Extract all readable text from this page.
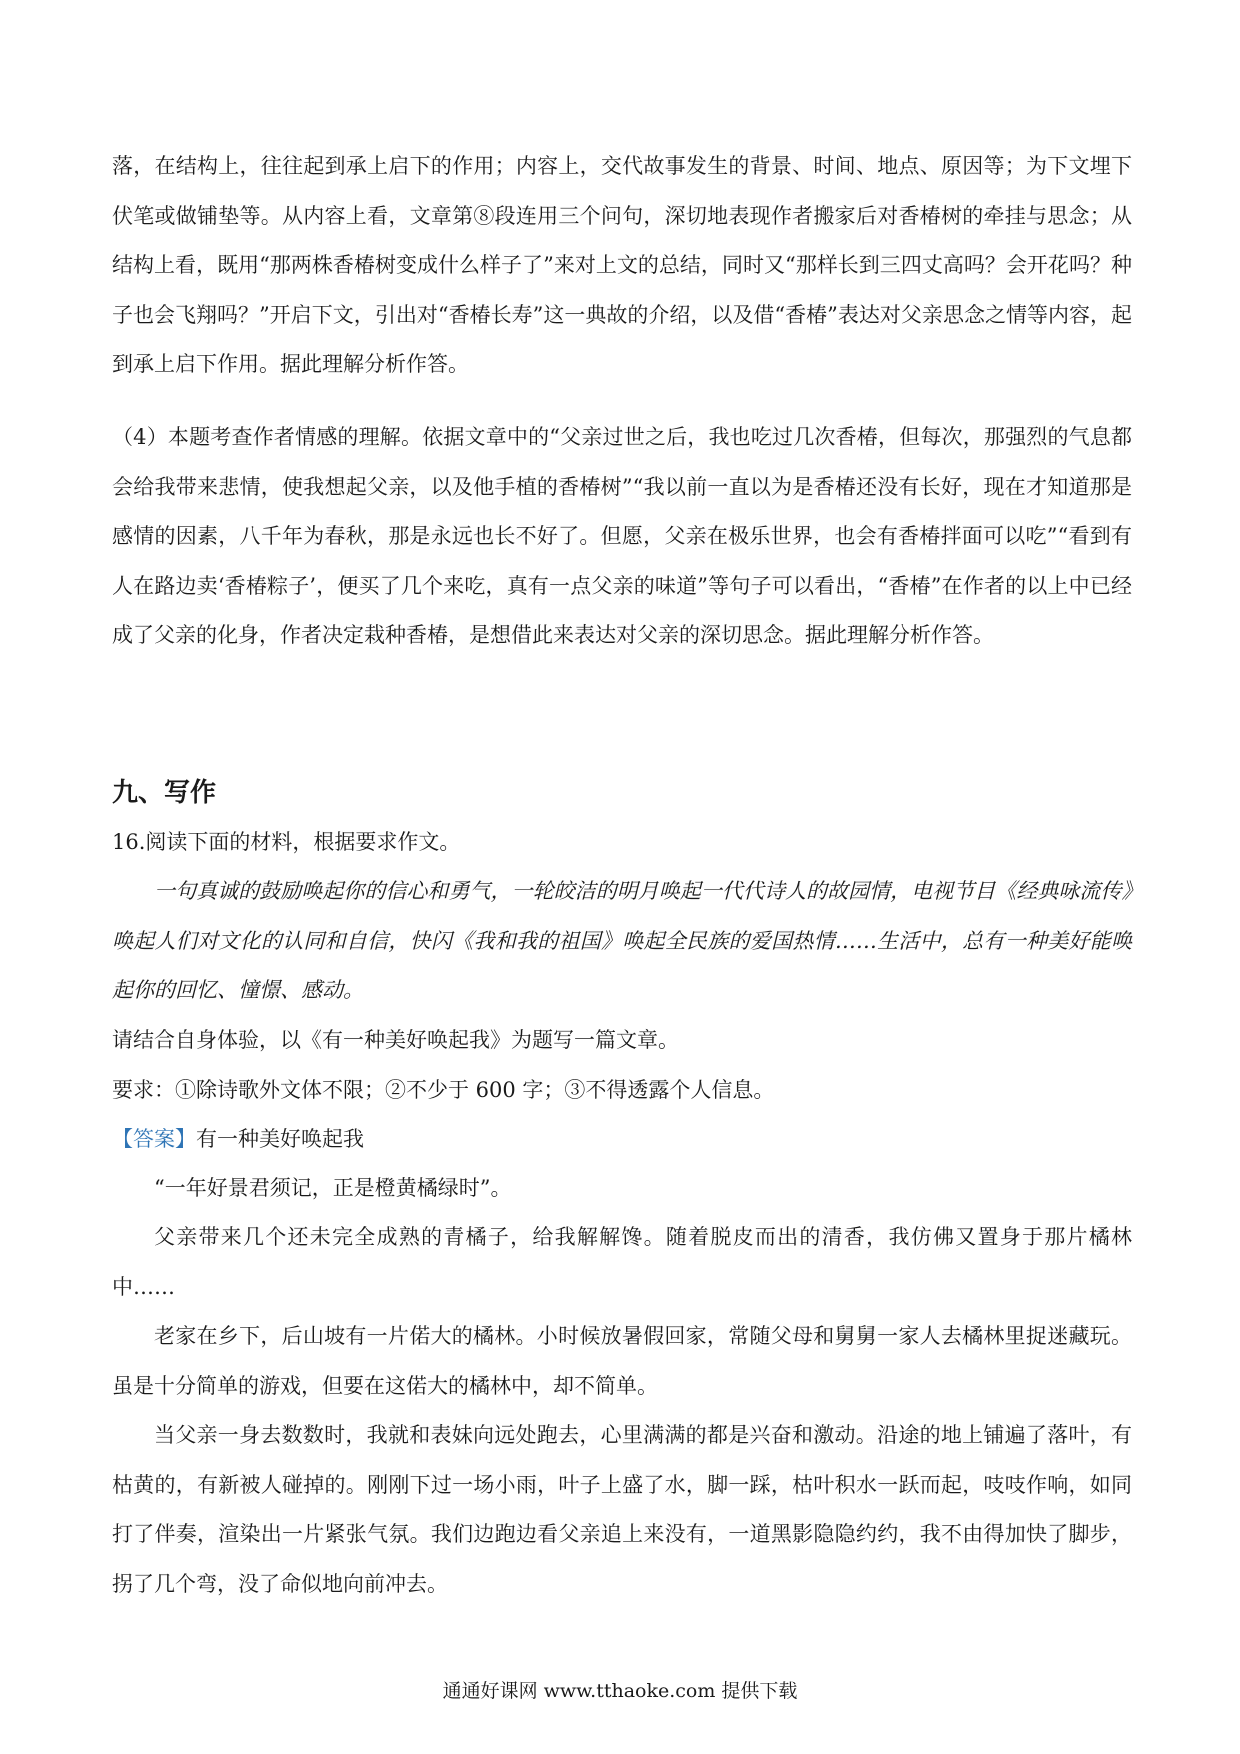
落，在结构上，往往起到承上启下的作用；内容上，交代故事发生的背景、时间、地点、原因等；为下文埋下伏笔或做铺垫等。从内容上看，文章第⑧段连用三个问句，深切地表现作者搬家后对香椿树的牵挂与思念；从结构上看，既用“那两株香椿树变成什么样子了”来对上文的总结，同时又“那样长到三四丈高吗？会开花吗？种子也会飞翔吗？”开启下文，引出对“香椿长寿”这一典故的介绍，以及借“香椿”表达对父亲思念之情等内容，起到承上启下作用。据此理解分析作答。

（4）本题考查作者情感的理解。依据文章中的“父亲过世之后，我也吃过几次香椿，但每次，那强烈的气息都会给我带来悲情，使我想起父亲，以及他手植的香椿树”“我以前一直以为是香椿还没有长好，现在才知道那是感情的因素，八千年为春秋，那是永远也长不好了。但愿，父亲在极乐世界，也会有香椿拌面可以吃”“看到有人在路边卖‘香椿粽子’，便买了几个来吃，真有一点父亲的味道”等句子可以看出，“香椿”在作者的以上中已经成了父亲的化身，作者决定栽种香椿，是想借此来表达对父亲的深切思念。据此理解分析作答。

九、写作

16.阅读下面的材料，根据要求作文。

一句真诚的鼓励唤起你的信心和勇气，一轮皎洁的明月唤起一代代诗人的故园情，电视节目《经典咏流传》唤起人们对文化的认同和自信，快闪《我和我的祖国》唤起全民族的爱国热情……生活中，总有一种美好能唤起你的回忆、憧憬、感动。

请结合自身体验，以《有一种美好唤起我》为题写一篇文章。

要求：①除诗歌外文体不限；②不少于 600 字；③不得透露个人信息。

【答案】有一种美好唤起我

“一年好景君须记，正是橙黄橘绿时”。

父亲带来几个还未完全成熟的青橘子，给我解解馋。随着脱皮而出的清香，我仿佛又置身于那片橘林中……

老家在乡下，后山坡有一片偌大的橘林。小时候放暑假回家，常随父母和舅舅一家人去橘林里捉迷藏玩。虽是十分简单的游戏，但要在这偌大的橘林中，却不简单。

当父亲一身去数数时，我就和表妹向远处跑去，心里满满的都是兴奋和激动。沿途的地上铺遍了落叶，有枯黄的，有新被人碰掉的。刚刚下过一场小雨，叶子上盛了水，脚一踩，枯叶积水一跃而起，吱吱作响，如同打了伴奏，渲染出一片紧张气氛。我们边跑边看父亲追上来没有，一道黑影隐隐约约，我不由得加快了脚步，拐了几个弯，没了命似地向前冲去。

通通好课网 www.tthaoke.com 提供下载
